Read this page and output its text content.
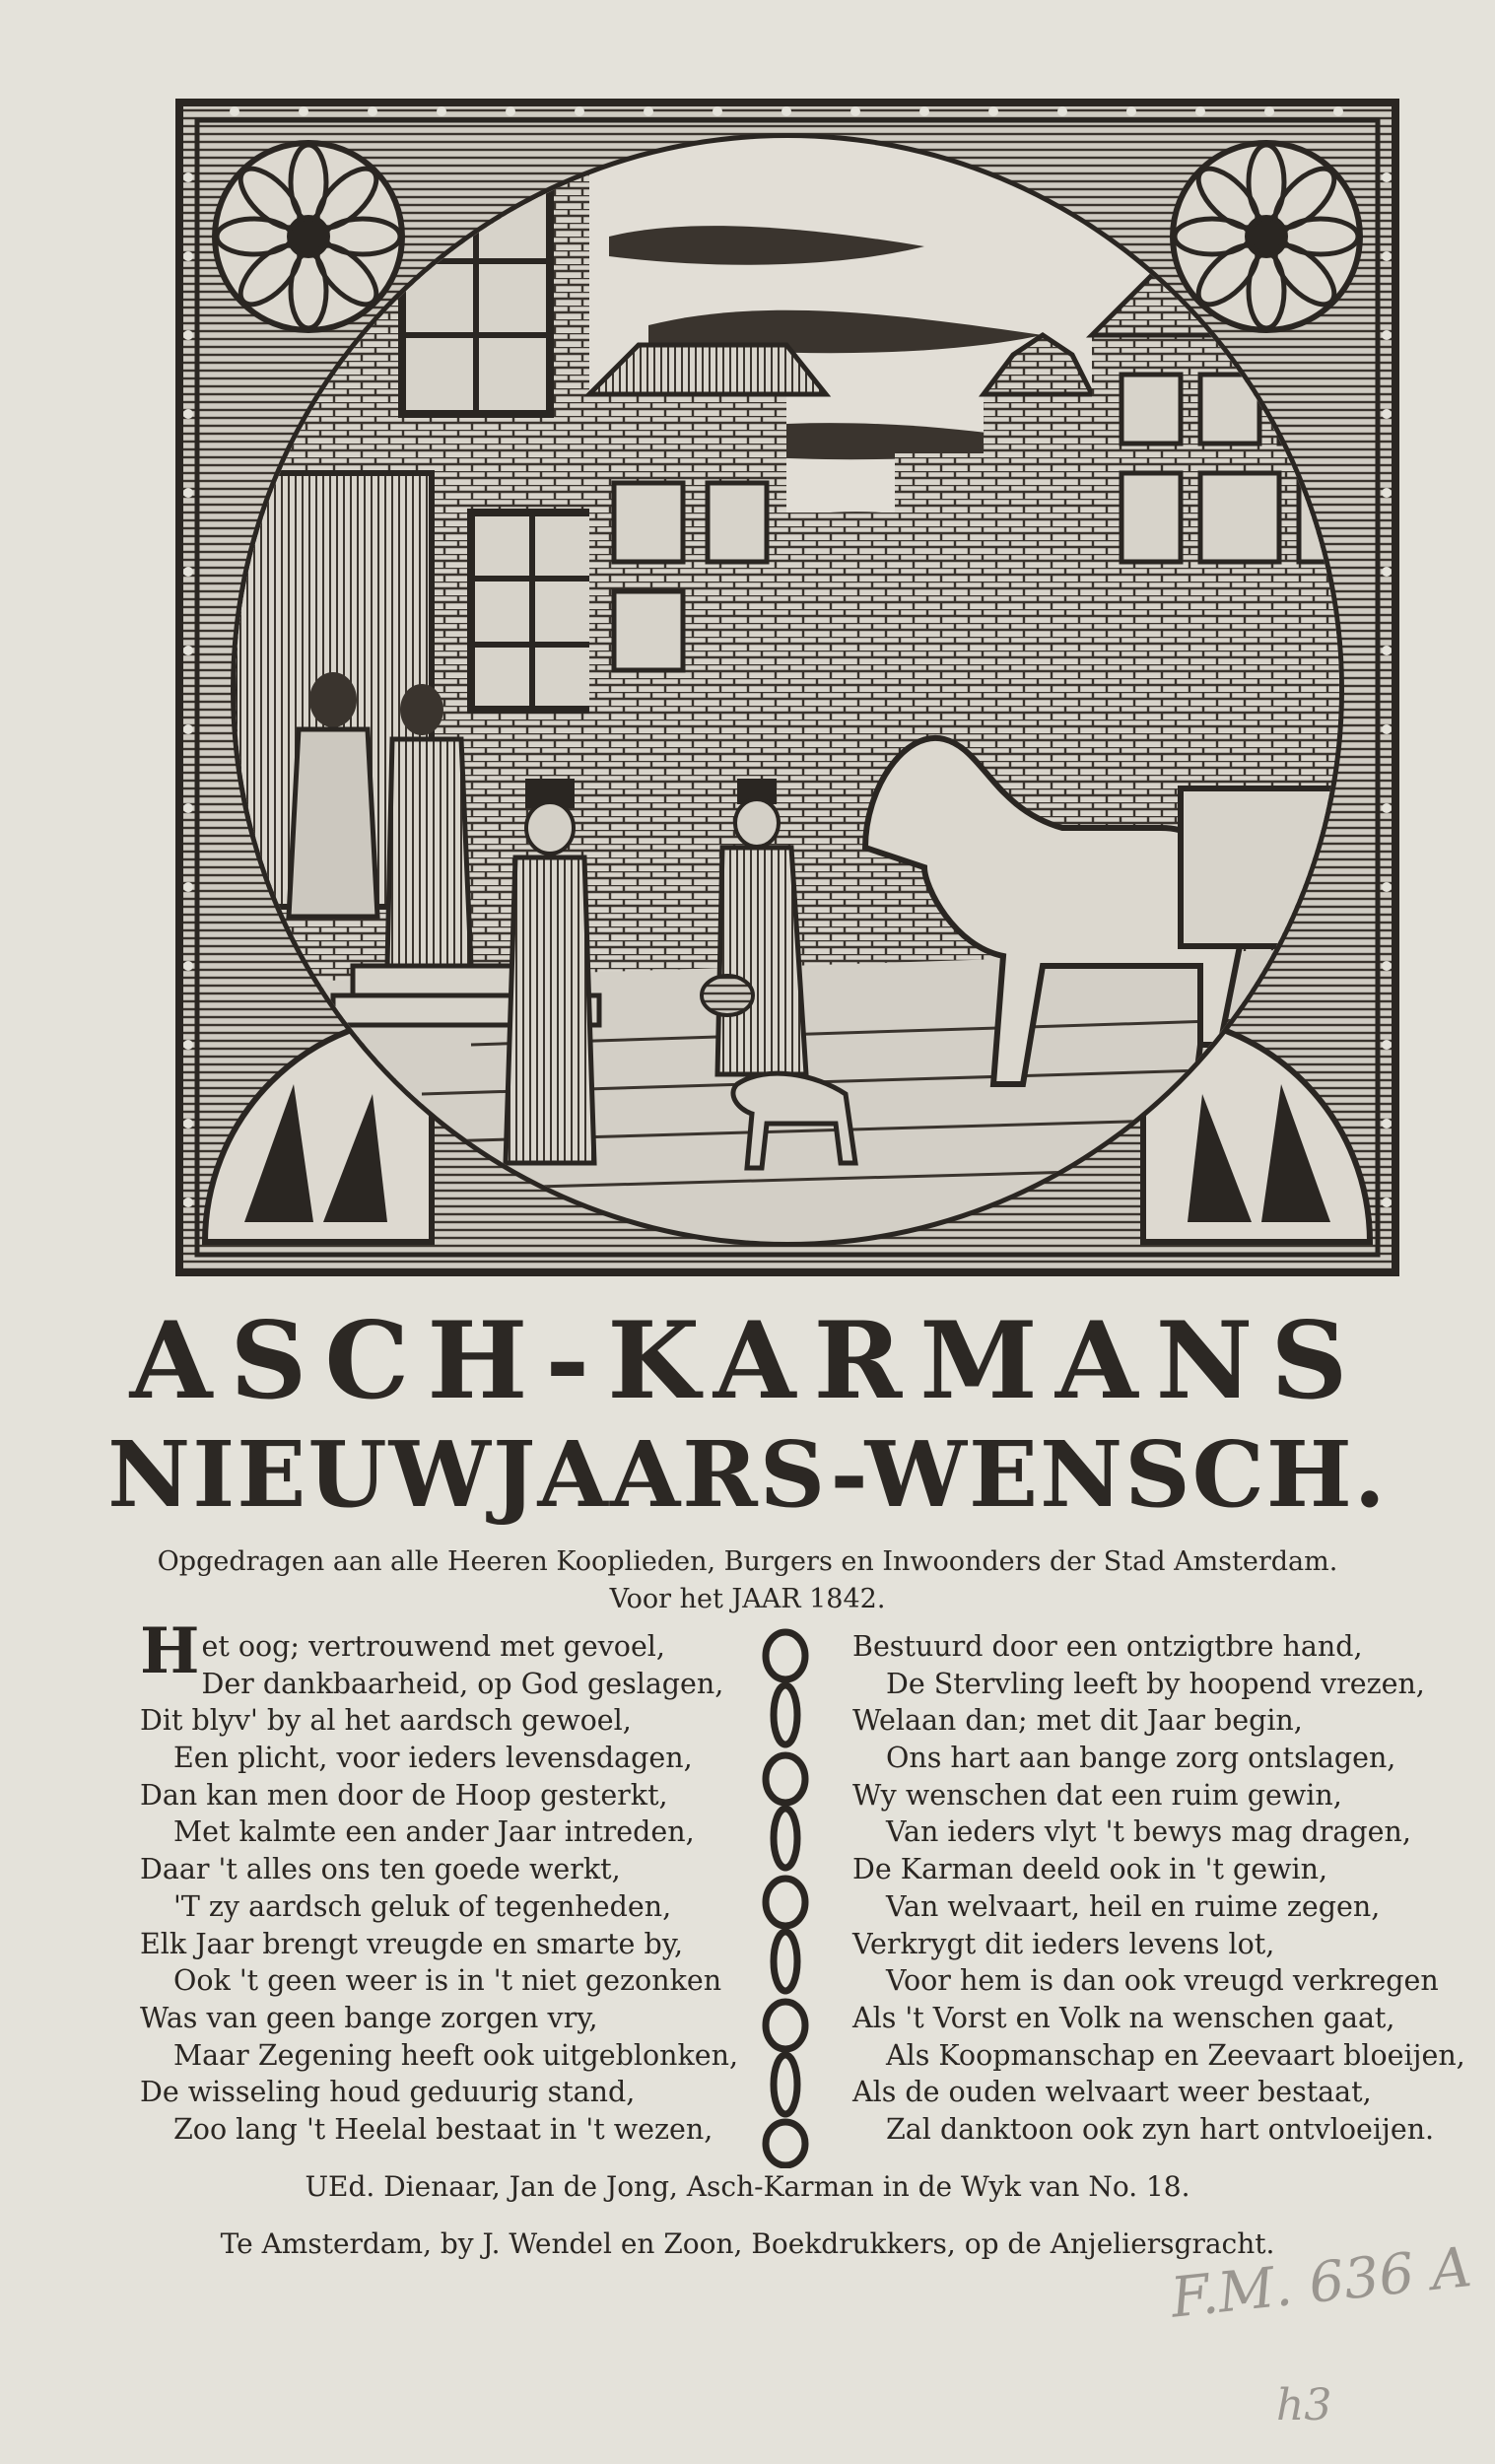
ASCH-KARMANS
NIEUWJAARS-WENSCH.
Opgedragen aan alle Heeren Kooplieden, Burgers en Inwoonders der Stad Amsterdam.
Voor het JAAR 1842.
Het oog; vertrouwend met gevoel,
Der dankbaarheid, op God geslagen,
Dit blyv' by al het aardsch gewoel,
Een plicht, voor ieders levensdagen,
Dan kan men door de Hoop gesterkt,
Met kalmte een ander Jaar intreden,
Daar 't alles ons ten goede werkt,
'T zy aardsch geluk of tegenheden,
Elk Jaar brengt vreugde en smarte by,
Ook 't geen weer is in 't niet gezonken
Was van geen bange zorgen vry,
Maar Zegening heeft ook uitgeblonken,
De wisseling houd geduurig stand,
Zoo lang 't Heelal bestaat in 't wezen,
Bestuurd door een ontzigtbre hand,
De Stervling leeft by hoopend vrezen,
Welaan dan; met dit Jaar begin,
Ons hart aan bange zorg ontslagen,
Wy wenschen dat een ruim gewin,
Van ieders vlyt 't bewys mag dragen,
De Karman deeld ook in 't gewin,
Van welvaart, heil en ruime zegen,
Verkrygt dit ieders levens lot,
Voor hem is dan ook vreugd verkregen
Als 't Vorst en Volk na wenschen gaat,
Als Koopmanschap en Zeevaart bloeijen,
Als de ouden welvaart weer bestaat,
Zal danktoon ook zyn hart ontvloeijen.
UEd. Dienaar, Jan de Jong, Asch-Karman in de Wyk van No. 18.
Te Amsterdam, by J. Wendel en Zoon, Boekdrukkers, op de Anjeliersgracht.
F.M. 636 A
h3
